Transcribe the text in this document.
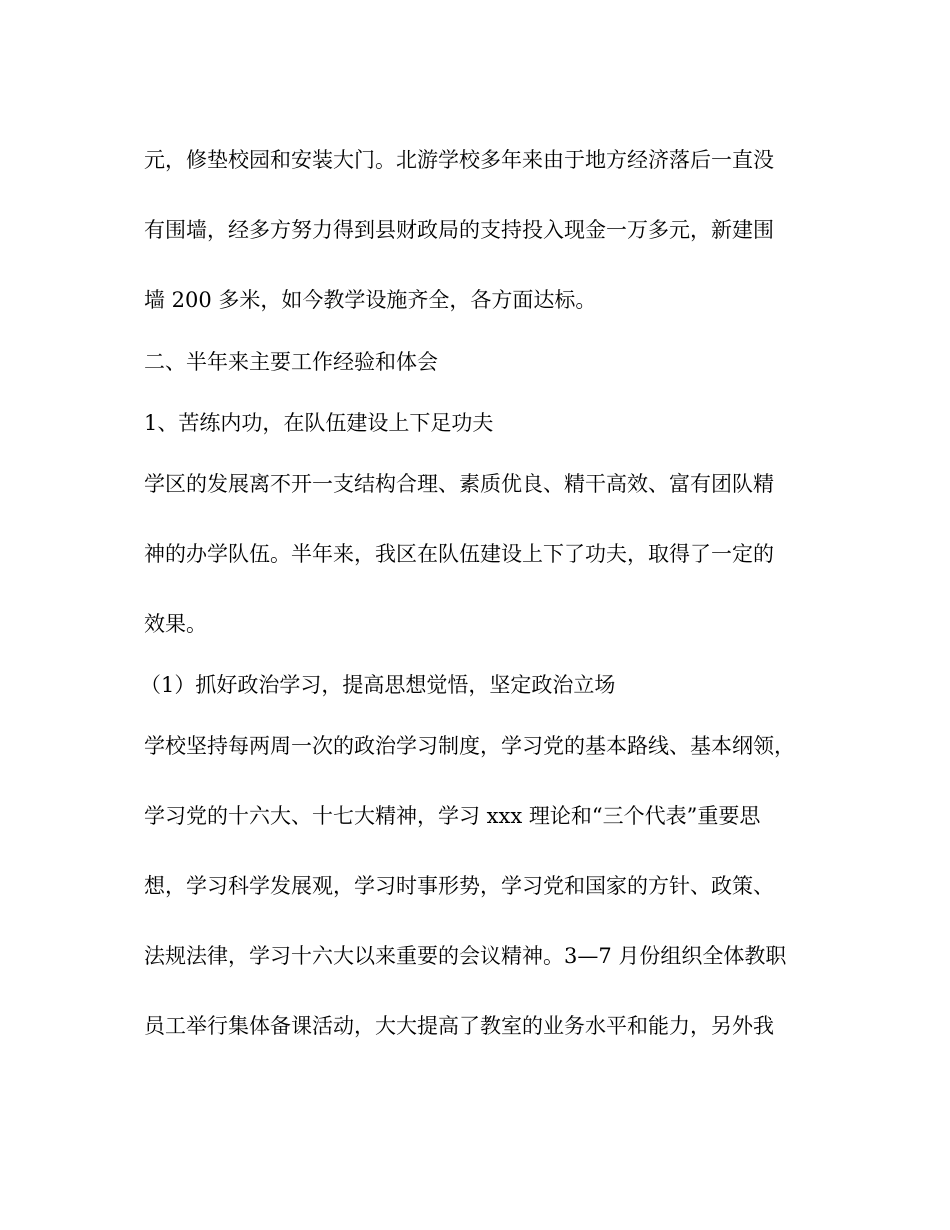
元，修垫校园和安装大门。北游学校多年来由于地方经济落后一直没
有围墙，经多方努力得到县财政局的支持投入现金一万多元，新建围
墙 200 多米，如今教学设施齐全，各方面达标。
二、半年来主要工作经验和体会
1、苦练内功，在队伍建设上下足功夫
学区的发展离不开一支结构合理、素质优良、精干高效、富有团队精
神的办学队伍。半年来，我区在队伍建设上下了功夫，取得了一定的
效果。
（1）抓好政治学习，提高思想觉悟，坚定政治立场
学校坚持每两周一次的政治学习制度，学习党的基本路线、基本纲领，
学习党的十六大、十七大精神，学习 xxx 理论和“三个代表”重要思
想，学习科学发展观，学习时事形势，学习党和国家的方针、政策、
法规法律，学习十六大以来重要的会议精神。3—7 月份组织全体教职
员工举行集体备课活动，大大提高了教室的业务水平和能力，另外我
